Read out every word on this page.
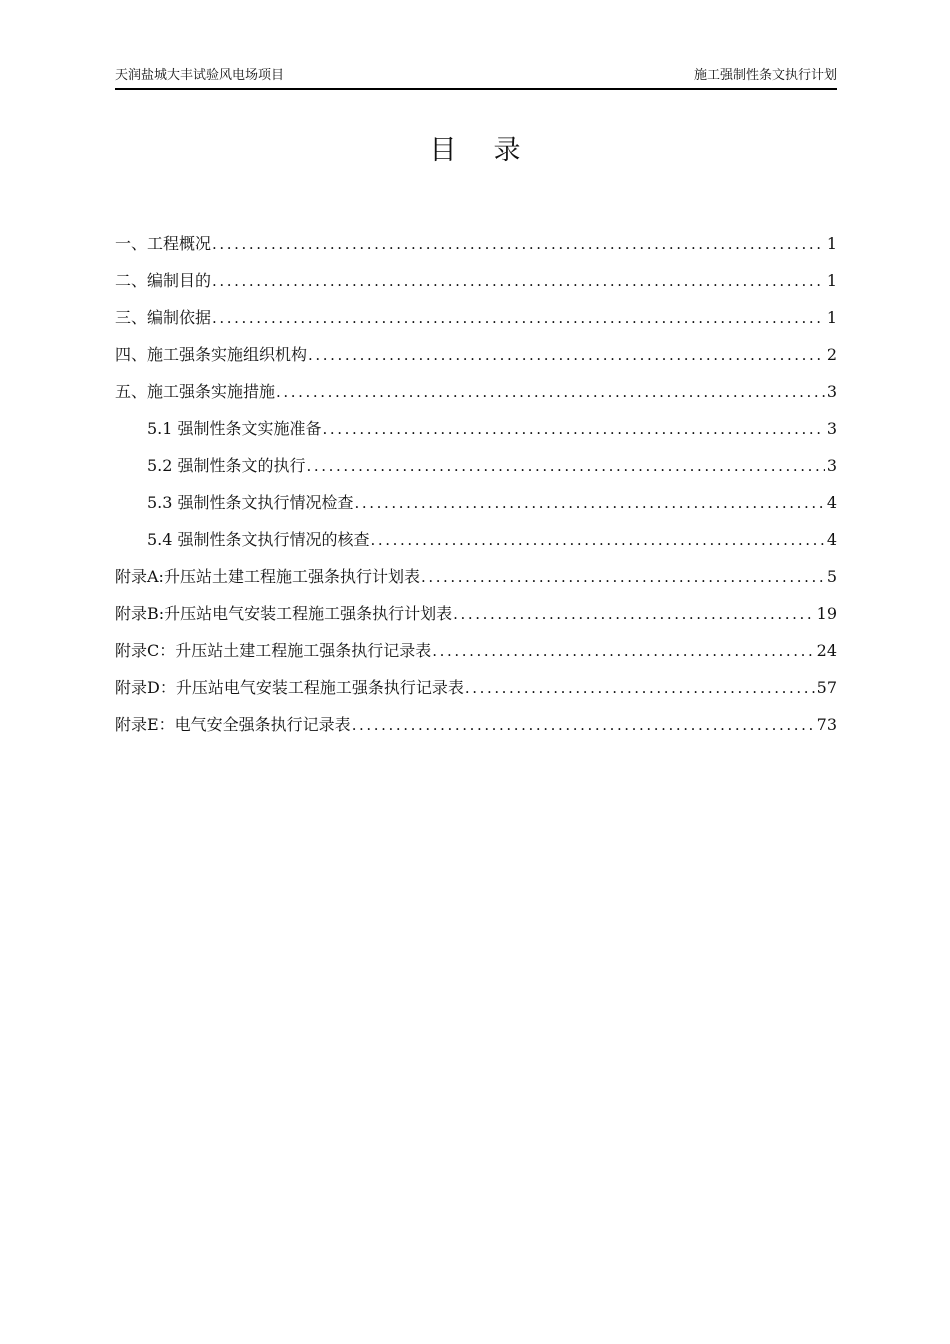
天润盐城大丰试验风电场项目	施工强制性条文执行计划
目录
一、工程概况 .....	1
二、编制目的 .....	1
三、编制依据 .....	1
四、施工强条实施组织机构 .....	2
五、施工强条实施措施 .....	3
5.1 强制性条文实施准备 .....	3
5.2 强制性条文的执行 .....	3
5.3 强制性条文执行情况检查 .....	4
5.4 强制性条文执行情况的核查 .....	4
附录A:升压站土建工程施工强条执行计划表 .....	5
附录B:升压站电气安装工程施工强条执行计划表 .....	19
附录C：升压站土建工程施工强条执行记录表 .....	24
附录D：升压站电气安装工程施工强条执行记录表 .....	57
附录E：电气安全强条执行记录表 .....	73
